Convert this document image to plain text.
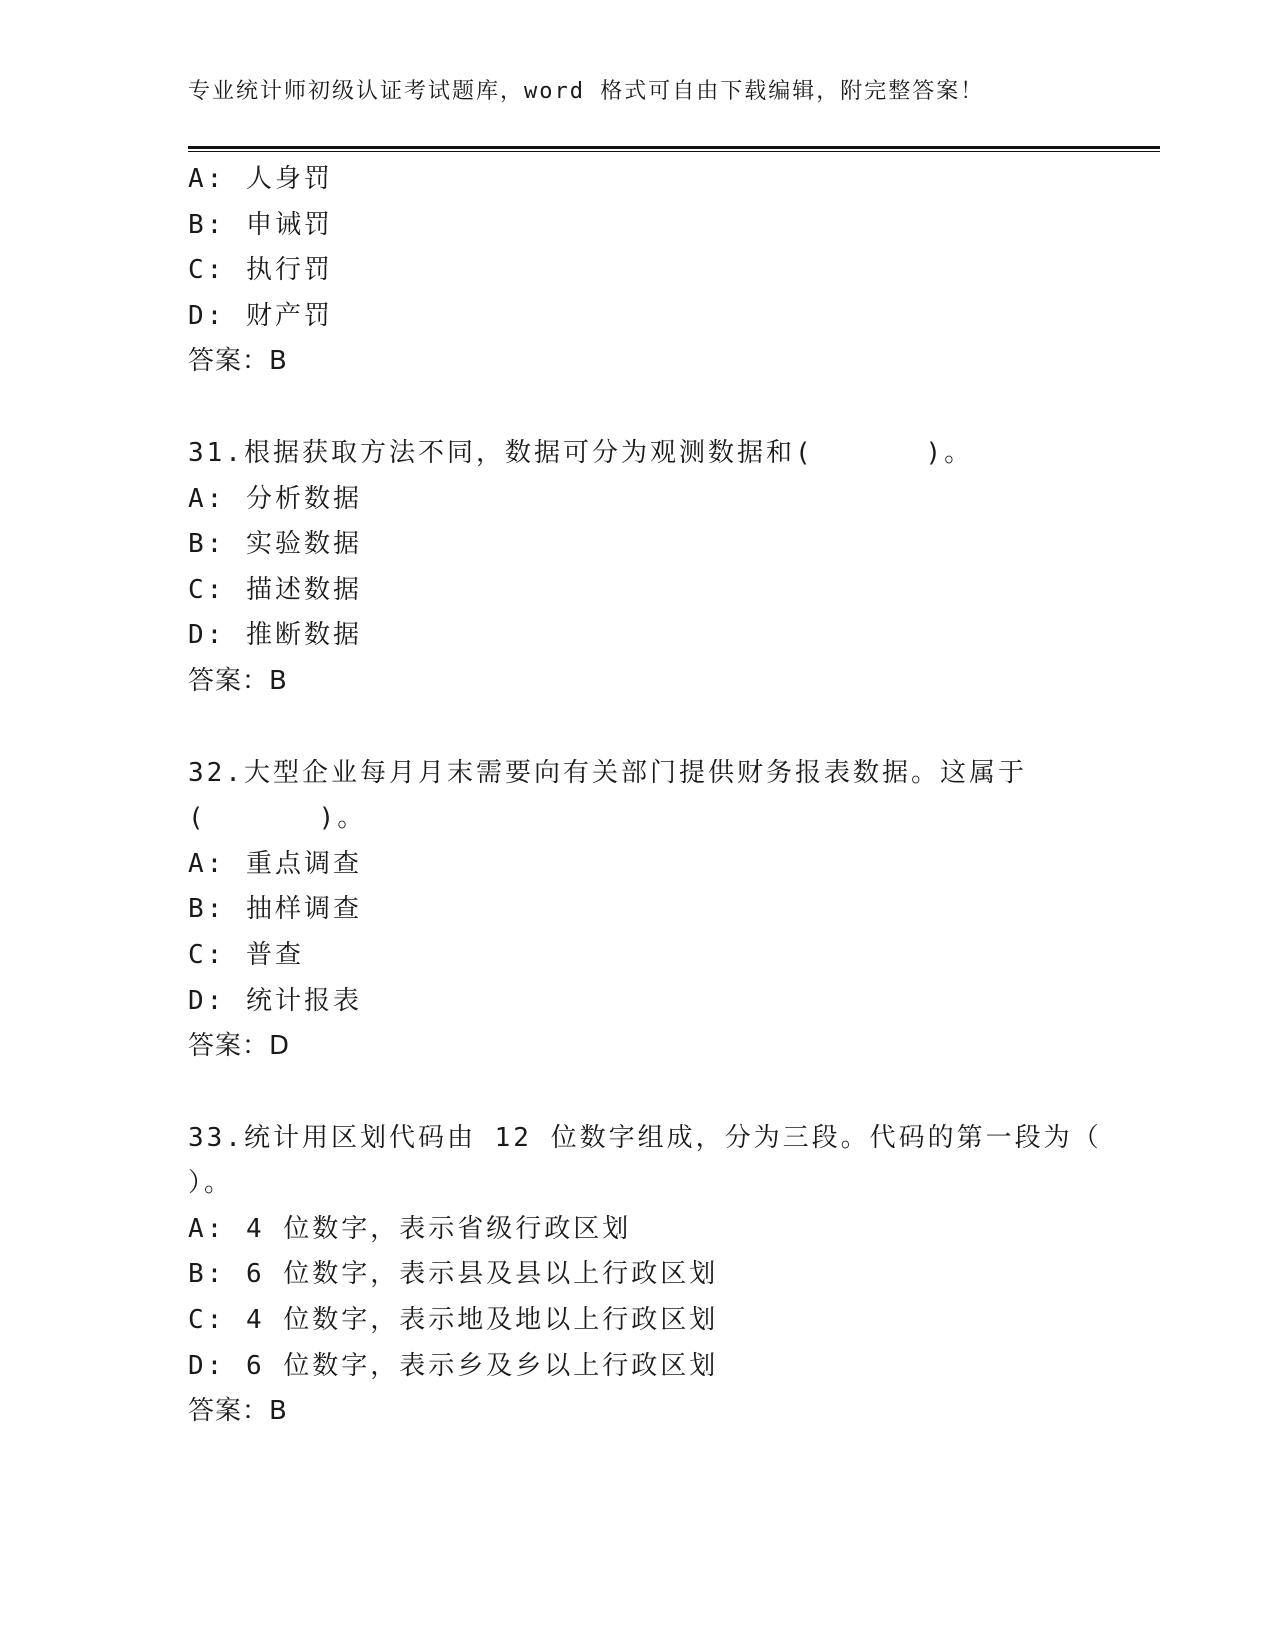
专业统计师初级认证考试题库，word 格式可自由下载编辑，附完整答案！
A: 人身罚
B: 申诫罚
C: 执行罚
D: 财产罚
答案：B
31.根据获取方法不同，数据可分为观测数据和(      )。
A: 分析数据
B: 实验数据
C: 描述数据
D: 推断数据
答案：B
32.大型企业每月月末需要向有关部门提供财务报表数据。这属于
(      )。
A: 重点调查
B: 抽样调查
C: 普查
D: 统计报表
答案：D
33.统计用区划代码由 12 位数字组成，分为三段。代码的第一段为（
）。
A: 4 位数字，表示省级行政区划
B: 6 位数字，表示县及县以上行政区划
C: 4 位数字，表示地及地以上行政区划
D: 6 位数字，表示乡及乡以上行政区划
答案：B
